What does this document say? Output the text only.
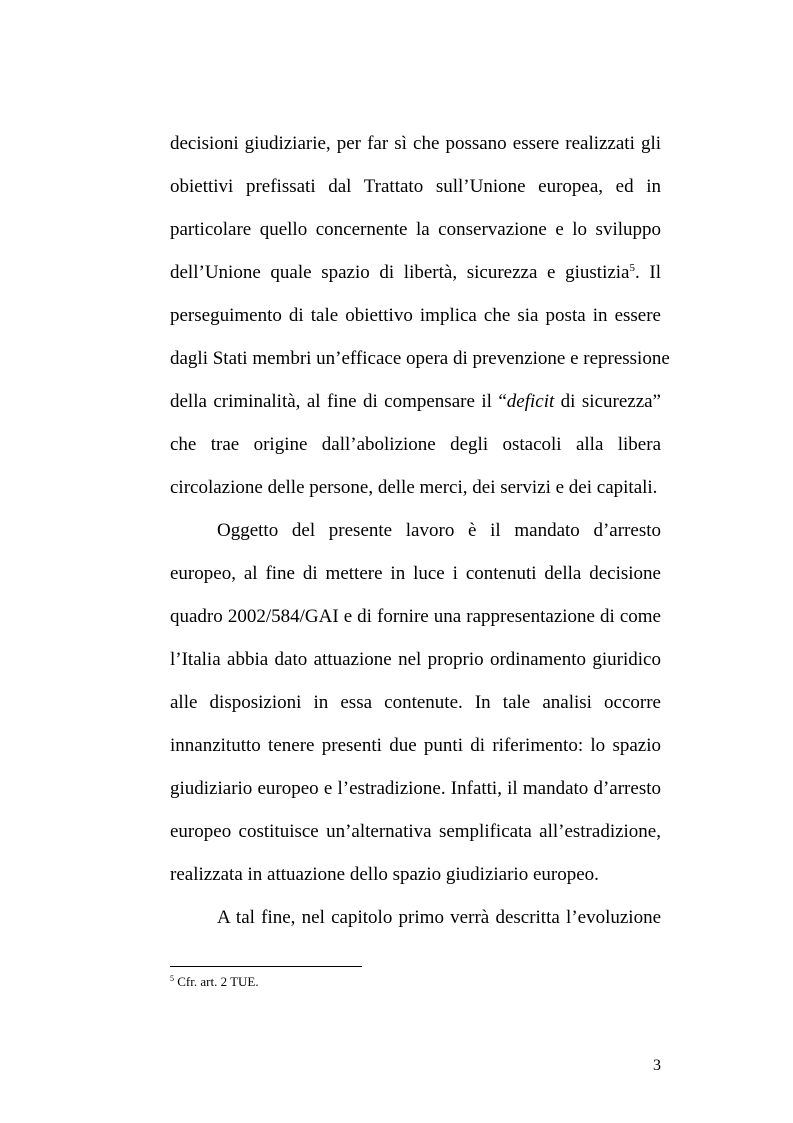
decisioni giudiziarie, per far sì che possano essere realizzati gli
obiettivi prefissati dal Trattato sull’Unione europea, ed in
particolare quello concernente la conservazione e lo sviluppo
dell’Unione quale spazio di libertà, sicurezza e giustizia$^5$. Il
perseguimento di tale obiettivo implica che sia posta in essere
dagli Stati membri un’efficace opera di prevenzione e repressione
della criminalità, al fine di compensare il “deficit di sicurezza”
che trae origine dall’abolizione degli ostacoli alla libera
circolazione delle persone, delle merci, dei servizi e dei capitali.
Oggetto del presente lavoro è il mandato d’arresto
europeo, al fine di mettere in luce i contenuti della decisione
quadro 2002/584/GAI e di fornire una rappresentazione di come
l’Italia abbia dato attuazione nel proprio ordinamento giuridico
alle disposizioni in essa contenute. In tale analisi occorre
innanzitutto tenere presenti due punti di riferimento: lo spazio
giudiziario europeo e l’estradizione. Infatti, il mandato d’arresto
europeo costituisce un’alternativa semplificata all’estradizione,
realizzata in attuazione dello spazio giudiziario europeo.
A tal fine, nel capitolo primo verrà descritta l’evoluzione
$^5$ Cfr. art. 2 TUE.
3
